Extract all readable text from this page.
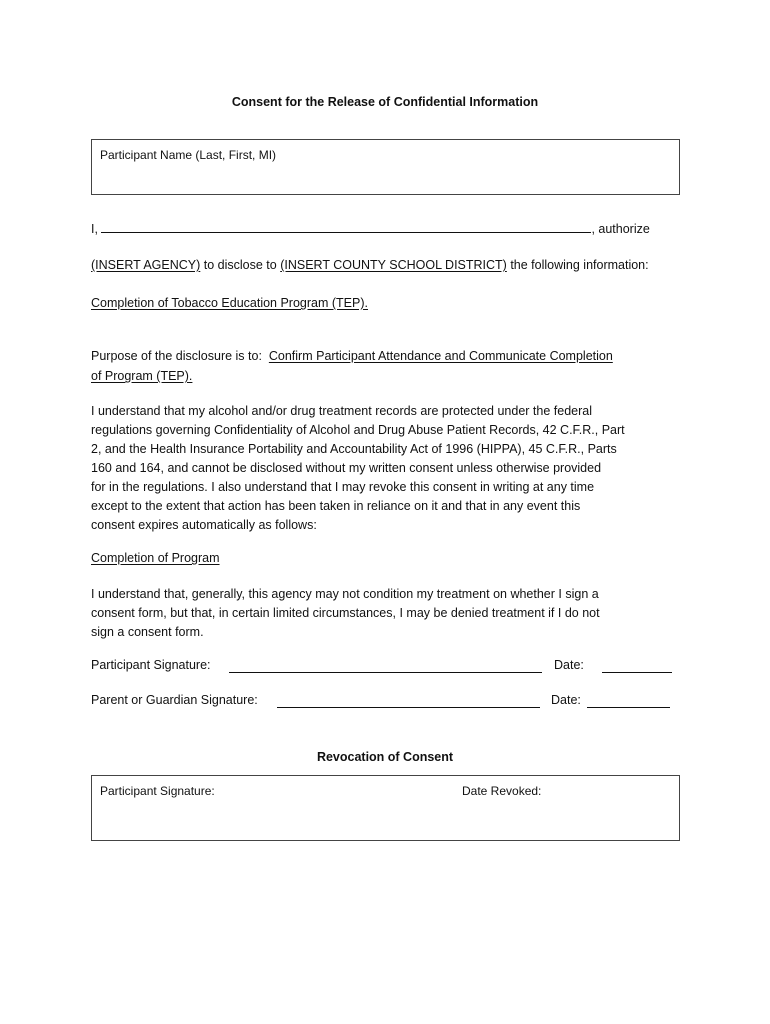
Consent for the Release of Confidential Information
Participant Name (Last, First, MI)
I,	, authorize
(INSERT AGENCY) to disclose to (INSERT COUNTY SCHOOL DISTRICT) the following information:
Completion of Tobacco Education Program (TEP).
Purpose of the disclosure is to:  Confirm Participant Attendance and Communicate Completion
of Program (TEP).
I understand that my alcohol and/or drug treatment records are protected under the federal
regulations governing Confidentiality of Alcohol and Drug Abuse Patient Records, 42 C.F.R., Part
2, and the Health Insurance Portability and Accountability Act of 1996 (HIPPA), 45 C.F.R., Parts
160 and 164, and cannot be disclosed without my written consent unless otherwise provided
for in the regulations. I also understand that I may revoke this consent in writing at any time
except to the extent that action has been taken in reliance on it and that in any event this
consent expires automatically as follows:
Completion of Program
I understand that, generally, this agency may not condition my treatment on whether I sign a
consent form, but that, in certain limited circumstances, I may be denied treatment if I do not
sign a consent form.
Participant Signature:	Date:
Parent or Guardian Signature:	Date:
Revocation of Consent
Participant Signature:	Date Revoked:
